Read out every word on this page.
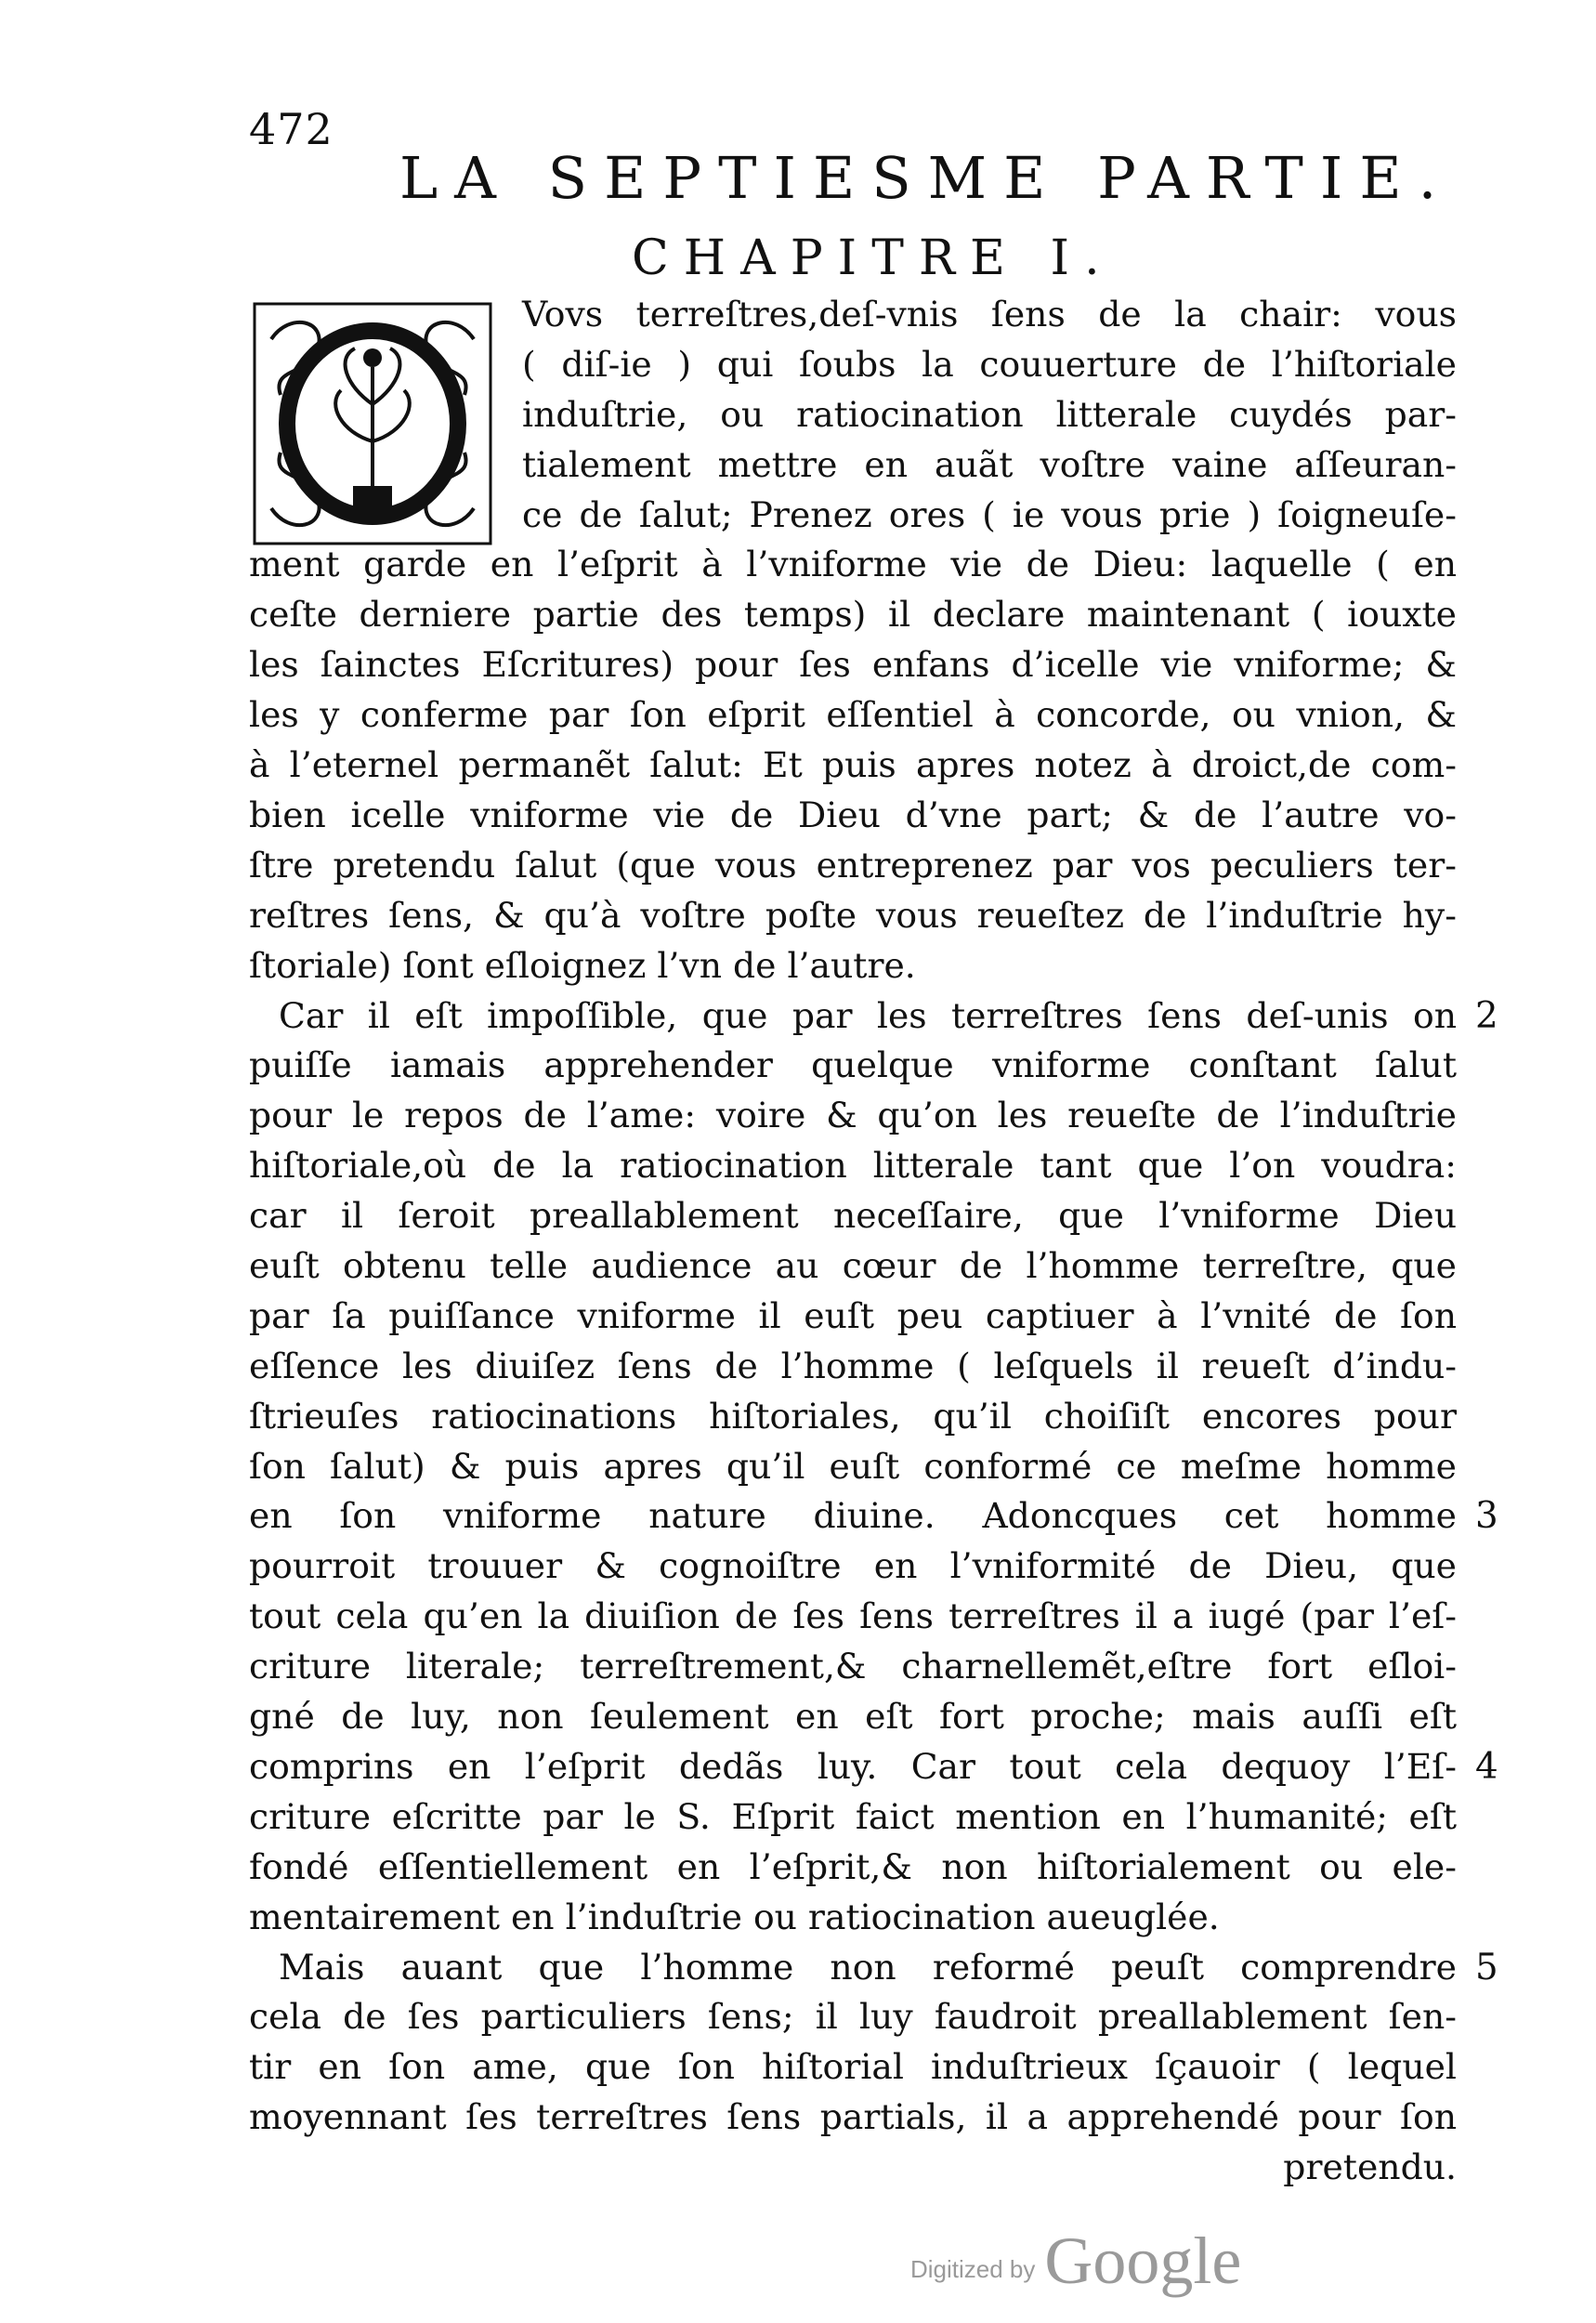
472
LA SEPTIESME PARTIE.
CHAPITRE I.
O
Vovs terreſtres,deſ-vnis ſens de la chair: vous
( diſ-ie ) qui ſoubs la couuerture de l’hiſtoriale
induſtrie, ou ratiocination litterale cuydés par-
tialement mettre en auãt voſtre vaine aſſeuran-
ce de ſalut; Prenez ores ( ie vous prie ) ſoigneuſe-
ment garde en l’eſprit à l’vniforme vie de Dieu: laquelle ( en
ceſte derniere partie des temps) il declare maintenant ( iouxte
les ſainctes Eſcritures) pour ſes enfans d’icelle vie vniforme; &
les y conferme par ſon eſprit eſſentiel à concorde, ou vnion, &
à l’eternel permanẽt ſalut: Et puis apres notez à droict,de com-
bien icelle vniforme vie de Dieu d’vne part; & de l’autre vo-
ſtre pretendu ſalut (que vous entreprenez par vos peculiers ter-
reſtres ſens, & qu’à voſtre poſte vous reueſtez de l’induſtrie hy-
ſtoriale) ſont eſloignez l’vn de l’autre.
Car il eſt impoſſible, que par les terreſtres ſens deſ-unis on
puiſſe iamais apprehender quelque vniforme conſtant ſalut
pour le repos de l’ame: voire & qu’on les reueſte de l’induſtrie
hiſtoriale,où de la ratiocination litterale tant que l’on voudra:
car il ſeroit preallablement neceſſaire, que l’vniforme Dieu
euſt obtenu telle audience au cœur de l’homme terreſtre, que
par ſa puiſſance vniforme il euſt peu captiuer à l’vnité de ſon
eſſence les diuiſez ſens de l’homme ( leſquels il reueſt d’indu-
ſtrieuſes ratiocinations hiſtoriales, qu’il choiſiſt encores pour
ſon ſalut) & puis apres qu’il euſt conformé ce meſme homme
en ſon vniforme nature diuine. Adoncques cet homme
pourroit trouuer & cognoiſtre en l’vniformité de Dieu, que
tout cela qu’en la diuiſion de ſes ſens terreſtres il a iugé (par l’eſ-
criture literale; terreſtrement,& charnellemẽt,eſtre fort eſloi-
gné de luy, non ſeulement en eſt fort proche; mais auſſi eſt
comprins en l’eſprit dedãs luy. Car tout cela dequoy l’Eſ-
criture eſcritte par le S. Eſprit faict mention en l’humanité; eſt
fondé eſſentiellement en l’eſprit,& non hiſtorialement ou ele-
mentairement en l’induſtrie ou ratiocination aueuglée.
Mais auant que l’homme non reformé peuſt comprendre
cela de ſes particuliers ſens; il luy faudroit preallablement ſen-
2
3
4
5
tir en ſon ame, que ſon hiſtorial induſtrieux ſçauoir ( lequel
moyennant ſes terreſtres ſens partials, il a apprehendé pour ſon
pretendu.
Digitized by Google
